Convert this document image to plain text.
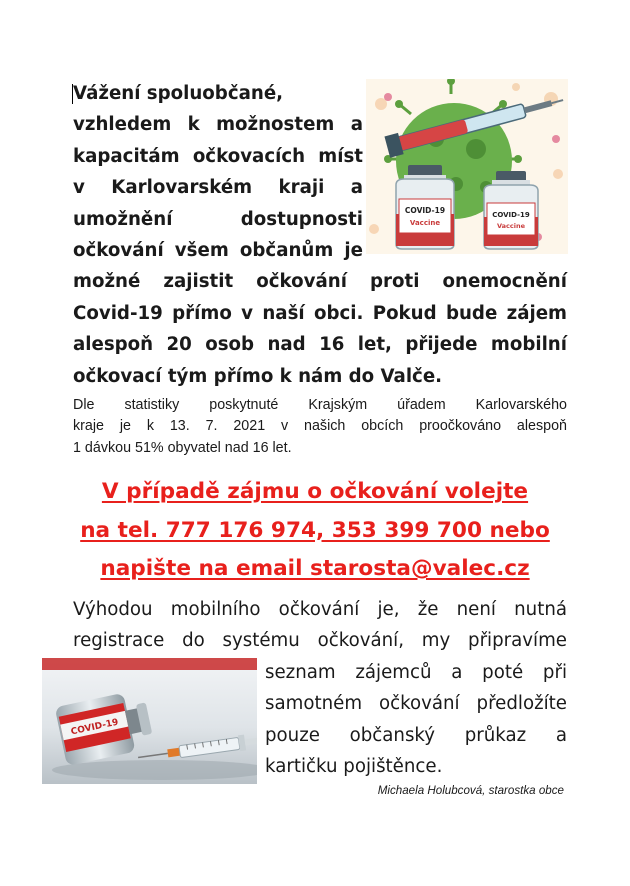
Vážení spoluobčané,
vzhledem k možnostem a
kapacitám očkovacích míst
v Karlovarském kraji a
umožnění dostupnosti
očkování všem občanům je
možné zajistit očkování proti onemocnění
Covid-19 přímo v naší obci. Pokud bude zájem
alespoň 20 osob nad 16 let, přijede mobilní
očkovací tým přímo k nám do Valče.
COVID-19
Vaccine
COVID-19
Vaccine
Dle statistiky poskytnuté Krajským úřadem Karlovarského
kraje je k 13. 7. 2021 v našich obcích proočkováno alespoň
1 dávkou 51% obyvatel nad 16 let.
V případě zájmu o očkování volejte
na tel. 777 176 974, 353 399 700 nebo
napište na email starosta@valec.cz
Výhodou mobilního očkování je, že není nutná
registrace do systému očkování, my připravíme
seznam zájemců a poté při
samotném očkování předložíte
pouze občanský průkaz a
kartičku pojištěnce.
COVID-19
Michaela Holubcová, starostka obce
